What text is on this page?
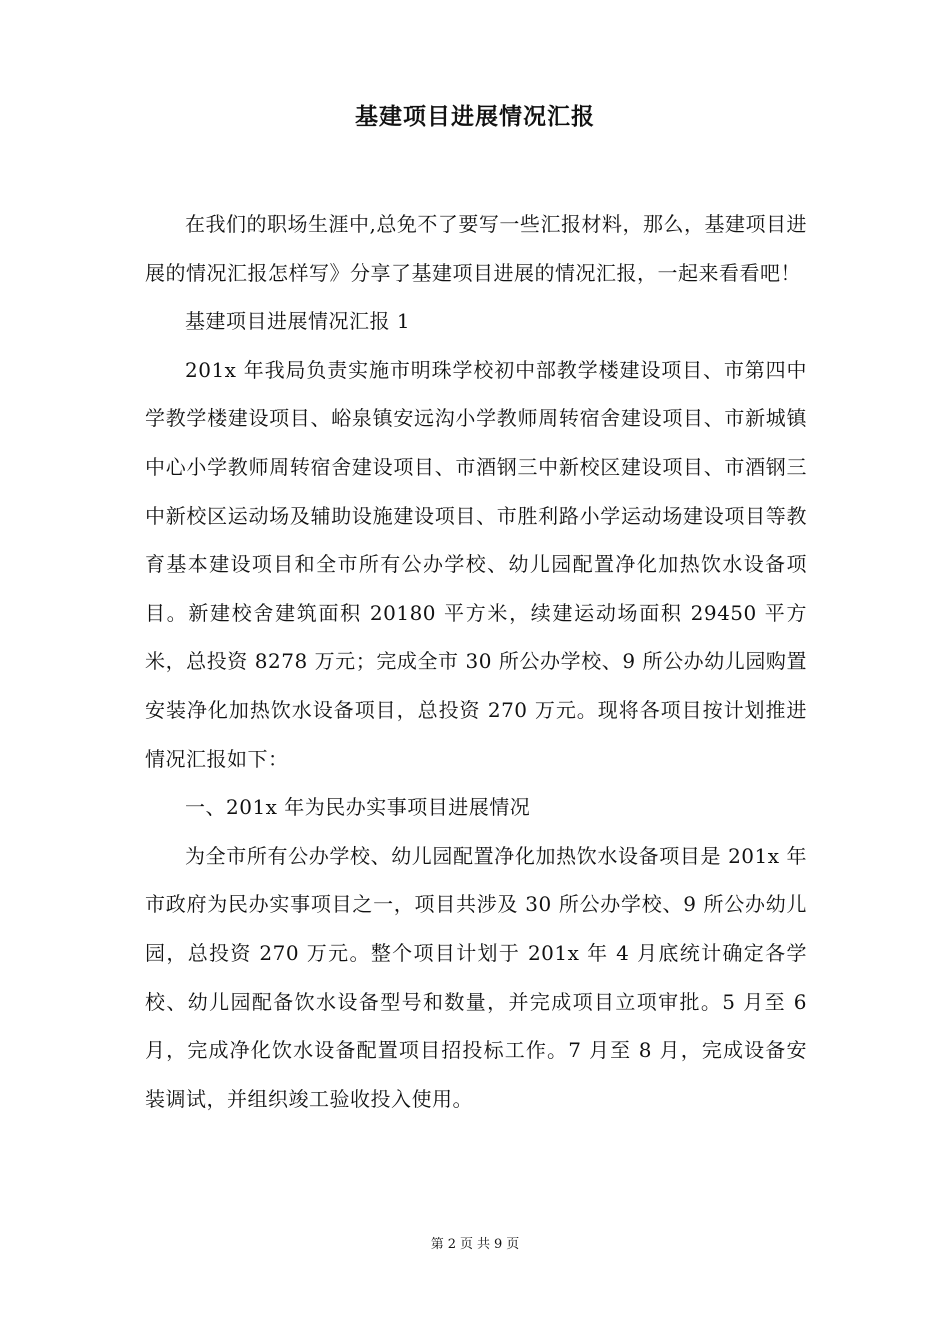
基建项目进展情况汇报

在我们的职场生涯中,总免不了要写一些汇报材料，那么，基建项目进展的情况汇报怎样写》分享了基建项目进展的情况汇报，一起来看看吧！

基建项目进展情况汇报 1

201x 年我局负责实施市明珠学校初中部教学楼建设项目、市第四中学教学楼建设项目、峪泉镇安远沟小学教师周转宿舍建设项目、市新城镇中心小学教师周转宿舍建设项目、市酒钢三中新校区建设项目、市酒钢三中新校区运动场及辅助设施建设项目、市胜利路小学运动场建设项目等教育基本建设项目和全市所有公办学校、幼儿园配置净化加热饮水设备项目。新建校舍建筑面积 20180 平方米，续建运动场面积 29450 平方米，总投资 8278 万元；完成全市 30 所公办学校、9 所公办幼儿园购置安装净化加热饮水设备项目，总投资 270 万元。现将各项目按计划推进情况汇报如下：

一、201x 年为民办实事项目进展情况

为全市所有公办学校、幼儿园配置净化加热饮水设备项目是 201x 年市政府为民办实事项目之一，项目共涉及 30 所公办学校、9 所公办幼儿园，总投资 270 万元。整个项目计划于 201x 年 4 月底统计确定各学校、幼儿园配备饮水设备型号和数量，并完成项目立项审批。5 月至 6 月，完成净化饮水设备配置项目招投标工作。7 月至 8 月，完成设备安装调试，并组织竣工验收投入使用。

第 2 页 共 9 页
